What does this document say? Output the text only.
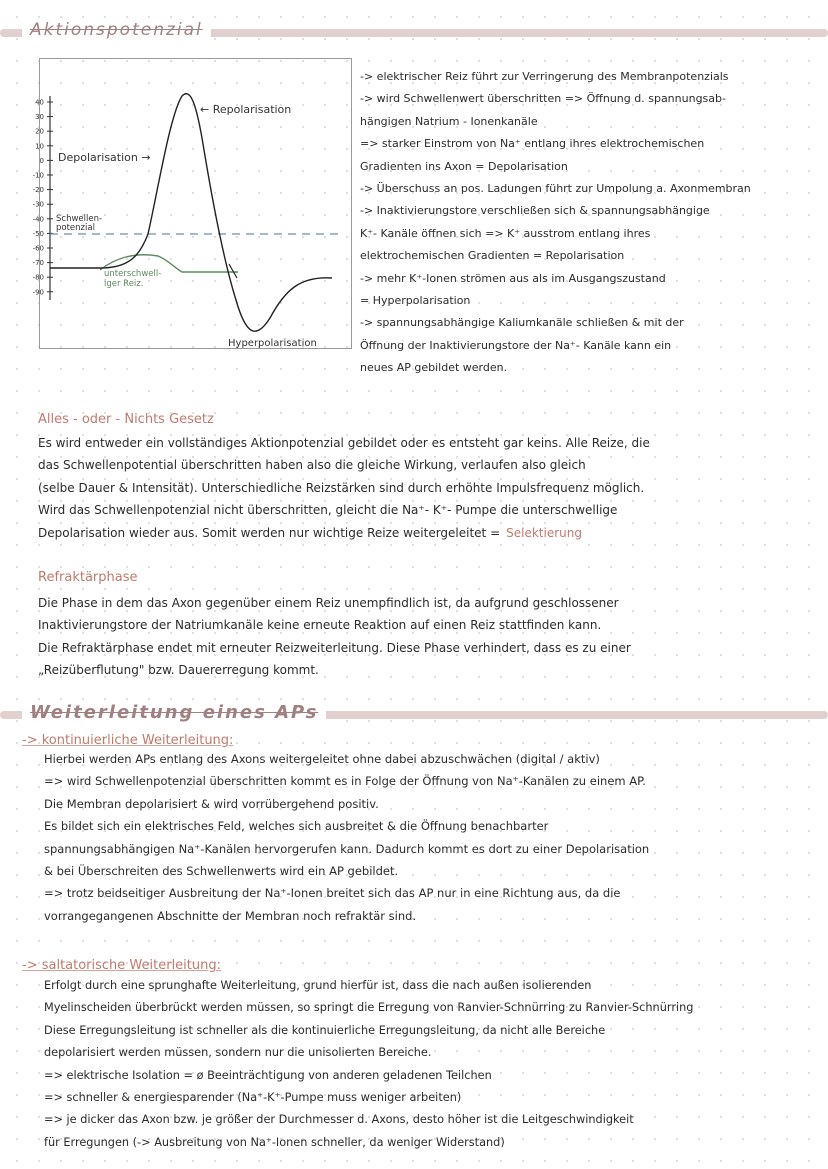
Aktionspotenzial
40
30
20
10
0
-10
-20
-30
-40
-50
-60
-70
-80
-90
← Repolarisation
Depolarisation →
Schwellen-
potenzial
unterschwell-
iger Reiz.
Hyperpolarisation
-> elektrischer Reiz führt zur Verringerung des Membranpotenzials
-> wird Schwellenwert überschritten => Öffnung d. spannungsab-
hängigen Natrium - Ionenkanäle
=> starker Einstrom von Na⁺ entlang ihres elektrochemischen
Gradienten ins Axon = Depolarisation
-> Überschuss an pos. Ladungen führt zur Umpolung a. Axonmembran
-> Inaktivierungstore verschließen sich & spannungsabhängige
K⁺- Kanäle öffnen sich => K⁺ ausstrom entlang ihres
elektrochemischen Gradienten = Repolarisation
-> mehr K⁺-Ionen strömen aus als im Ausgangszustand
= Hyperpolarisation
-> spannungsabhängige Kaliumkanäle schließen & mit der
Öffnung der Inaktivierungstore der Na⁺- Kanäle kann ein
neues AP gebildet werden.
Alles - oder - Nichts Gesetz
Es wird entweder ein vollständiges Aktionpotenzial gebildet oder es entsteht gar keins. Alle Reize, die
das Schwellenpotential überschritten haben also die gleiche Wirkung, verlaufen also gleich
(selbe Dauer & Intensität). Unterschiedliche Reizstärken sind durch erhöhte Impulsfrequenz möglich.
Wird das Schwellenpotenzial nicht überschritten, gleicht die Na⁺- K⁺- Pumpe die unterschwellige
Depolarisation wieder aus. Somit werden nur wichtige Reize weitergeleitet = Selektierung
Refraktärphase
Die Phase in dem das Axon gegenüber einem Reiz unempfindlich ist, da aufgrund geschlossener
Inaktivierungstore der Natriumkanäle keine erneute Reaktion auf einen Reiz stattfinden kann.
Die Refraktärphase endet mit erneuter Reizweiterleitung. Diese Phase verhindert, dass es zu einer
„Reizüberflutung" bzw. Dauererregung kommt.
Weiterleitung eines APs
-> kontinuierliche Weiterleitung:
Hierbei werden APs entlang des Axons weitergeleitet ohne dabei abzuschwächen (digital / aktiv)
=> wird Schwellenpotenzial überschritten kommt es in Folge der Öffnung von Na⁺-Kanälen zu einem AP.
Die Membran depolarisiert & wird vorrübergehend positiv.
Es bildet sich ein elektrisches Feld, welches sich ausbreitet & die Öffnung benachbarter
spannungsabhängigen Na⁺-Kanälen hervorgerufen kann. Dadurch kommt es dort zu einer Depolarisation
& bei Überschreiten des Schwellenwerts wird ein AP gebildet.
=> trotz beidseitiger Ausbreitung der Na⁺-Ionen breitet sich das AP nur in eine Richtung aus, da die
vorrangegangenen Abschnitte der Membran noch refraktär sind.
-> saltatorische Weiterleitung:
Erfolgt durch eine sprunghafte Weiterleitung, grund hierfür ist, dass die nach außen isolierenden
Myelinscheiden überbrückt werden müssen, so springt die Erregung von Ranvier-Schnürring zu Ranvier-Schnürring
Diese Erregungsleitung ist schneller als die kontinuierliche Erregungsleitung, da nicht alle Bereiche
depolarisiert werden müssen, sondern nur die unisolierten Bereiche.
=> elektrische Isolation = ø Beeinträchtigung von anderen geladenen Teilchen
=> schneller & energiesparender (Na⁺-K⁺-Pumpe muss weniger arbeiten)
=> je dicker das Axon bzw. je größer der Durchmesser d. Axons, desto höher ist die Leitgeschwindigkeit
für Erregungen (-> Ausbreitung von Na⁺-Ionen schneller, da weniger Widerstand)
